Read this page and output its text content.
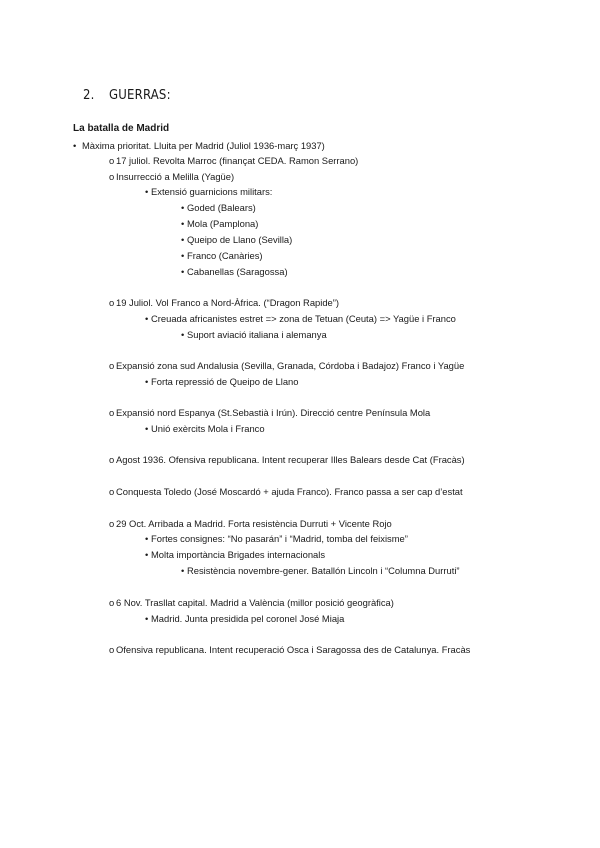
2. GUERRAS:
La batalla de Madrid
• Màxima prioritat. Lluita per Madrid (Juliol 1936-març 1937)
o 17 juliol. Revolta Marroc (finançat CEDA. Ramon Serrano)
o Insurrecció a Melilla (Yagüe)
• Extensió guarnicions militars:
• Goded (Balears)
• Mola (Pamplona)
• Queipo de Llano (Sevilla)
• Franco (Canàries)
• Cabanellas (Saragossa)
o 19 Juliol. Vol Franco a Nord-Àfrica. (“Dragon Rapide”)
• Creuada africanistes estret => zona de Tetuan (Ceuta) => Yagüe i Franco
• Suport aviació italiana i alemanya
o Expansió zona sud Andalusia (Sevilla, Granada, Córdoba i Badajoz) Franco i Yagüe
• Forta repressió de Queipo de Llano
o Expansió nord Espanya (St.Sebastià i Irún). Direcció centre Península Mola
• Unió exèrcits Mola i Franco
o Agost 1936. Ofensiva republicana. Intent recuperar Illes Balears desde Cat (Fracàs)
o Conquesta Toledo (José Moscardó + ajuda Franco). Franco passa a ser cap d’estat
o 29 Oct. Arribada a Madrid. Forta resistència Durruti + Vicente Rojo
• Fortes consignes: “No pasarán” i “Madrid, tomba del feixisme”
• Molta importància Brigades internacionals
• Resistència novembre-gener. Batallón Lincoln i “Columna Durruti”
o 6 Nov. Trasllat capital. Madrid a València (millor posició geogràfica)
• Madrid. Junta presidida pel coronel José Miaja
o Ofensiva republicana. Intent recuperació Osca i Saragossa des de Catalunya. Fracàs
